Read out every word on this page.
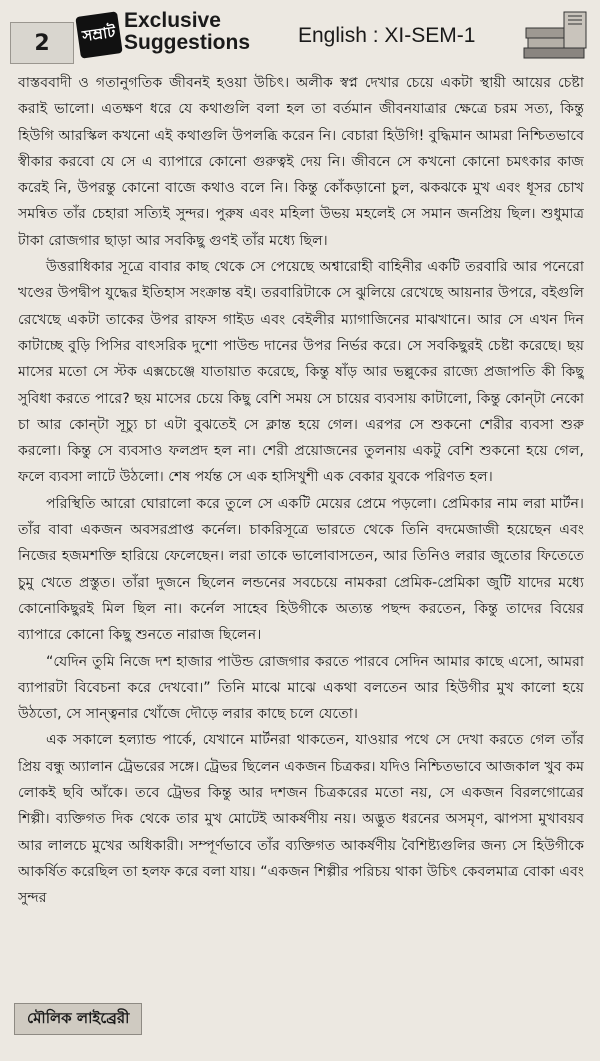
2	সম্রাট
Exclusive
Suggestions English : XI-SEM-1

বাস্তববাদী ও গতানুগতিক জীবনই হওয়া উচিৎ। অলীক স্বপ্ন দেখার চেয়ে একটা স্থায়ী আয়ের চেষ্টা করাই ভালো। এতক্ষণ ধরে যে কথাগুলি বলা হল তা বর্তমান জীবনযাত্রার ক্ষেত্রে চরম সত্য, কিন্তু হিউগি আরস্কিল কখনো এই কথাগুলি উপলব্ধি করেন নি। বেচারা হিউগি! বুদ্ধিমান আমরা নিশ্চিতভাবে স্বীকার করবো যে সে এ ব্যাপারে কোনো গুরুত্বই দেয় নি। জীবনে সে কখনো কোনো চমৎকার কাজ করেই নি, উপরন্তু কোনো বাজে কথাও বলে নি। কিন্তু কোঁকড়ানো চুল, ঝকঝকে মুখ এবং ধূসর চোখ সমন্বিত তাঁর চেহারা সত্যিই সুন্দর। পুরুষ এবং মহিলা উভয় মহলেই সে সমান জনপ্রিয় ছিল। শুধুমাত্র টাকা রোজগার ছাড়া আর সবকিছু গুণই তাঁর মধ্যে ছিল।

উত্তরাধিকার সূত্রে বাবার কাছ থেকে সে পেয়েছে অশ্বারোহী বাহিনীর একটি তরবারি আর পনেরো খণ্ডের উপদ্বীপ যুদ্ধের ইতিহাস সংক্রান্ত বই। তরবারিটাকে সে ঝুলিয়ে রেখেছে আয়নার উপরে, বইগুলি রেখেছে একটা তাকের উপর রাফস গাইড এবং বেইলীর ম্যাগাজিনের মাঝখানে। আর সে এখন দিন কাটাচ্ছে বুড়ি পিসির বাৎসরিক দুশো পাউন্ড দানের উপর নির্ভর করে। সে সবকিছুরই চেষ্টা করেছে। ছয় মাসের মতো সে স্টক এক্সচেঞ্জে যাতায়াত করেছে, কিন্তু ষাঁড় আর ভল্লুকের রাজ্যে প্রজাপতি কী কিছু সুবিধা করতে পারে? ছয় মাসের চেয়ে কিছু বেশি সময় সে চায়ের ব্যবসায় কাটালো, কিন্তু কোন্‌টা নেকো চা আর কোন্‌টা সূচ্যু চা এটা বুঝতেই সে ক্লান্ত হয়ে গেল। এরপর সে শুকনো শেরীর ব্যবসা শুরু করলো। কিন্তু সে ব্যবসাও ফলপ্রদ হল না। শেরী প্রয়োজনের তুলনায় একটু বেশি শুকনো হয়ে গেল, ফলে ব্যবসা লাটে উঠলো। শেষ পর্যন্ত সে এক হাসিখুশী এক বেকার যুবকে পরিণত হল।

পরিস্থিতি আরো ঘোরালো করে তুলে সে একটি মেয়ের প্রেমে পড়লো। প্রেমিকার নাম লরা মার্টন। তাঁর বাবা একজন অবসরপ্রাপ্ত কর্নেল। চাকরিসূত্রে ভারতে থেকে তিনি বদমেজাজী হয়েছেন এবং নিজের হজমশক্তি হারিয়ে ফেলেছেন। লরা তাকে ভালোবাসতেন, আর তিনিও লরার জুতোর ফিতেতে চুমু খেতে প্রস্তুত। তাঁরা দুজনে ছিলেন লন্ডনের সবচেয়ে নামকরা প্রেমিক-প্রেমিকা জুটি যাদের মধ্যে কোনোকিছুরই মিল ছিল না। কর্নেল সাহেব হিউগীকে অত্যন্ত পছন্দ করতেন, কিন্তু তাদের বিয়ের ব্যাপারে কোনো কিছু শুনতে নারাজ ছিলেন।

“যেদিন তুমি নিজে দশ হাজার পাউন্ড রোজগার করতে পারবে সেদিন আমার কাছে এসো, আমরা ব্যাপারটা বিবেচনা করে দেখবো।” তিনি মাঝে মাঝে একথা বলতেন আর হিউগীর মুখ কালো হয়ে উঠতো, সে সান্ত্বনার খোঁজে দৌড়ে লরার কাছে চলে যেতো।

এক সকালে হল্যান্ড পার্কে, যেখানে মার্টনরা থাকতেন, যাওয়ার পথে সে দেখা করতে গেল তাঁর প্রিয় বন্ধু অ্যালান ট্রেভরের সঙ্গে। ট্রেভর ছিলেন একজন চিত্রকর। যদিও নিশ্চিতভাবে আজকাল খুব কম লোকই ছবি আঁকে। তবে ট্রেভর কিন্তু আর দশজন চিত্রকরের মতো নয়, সে একজন বিরলগোত্রের শিল্পী। ব্যক্তিগত দিক থেকে তার মুখ মোটেই আকর্ষণীয় নয়। অদ্ভুত ধরনের অসমৃণ, ঝাপসা মুখাবয়ব আর লালচে মুখের অধিকারী। সম্পূর্ণভাবে তাঁর ব্যক্তিগত আকর্ষণীয় বৈশিষ্ট্যগুলির জন্য সে হিউগীকে আকর্ষিত করেছিল তা হলফ করে বলা যায়। “একজন শিল্পীর পরিচয় থাকা উচিৎ কেবলমাত্র বোকা এবং সুন্দর

মৌলিক লাইব্রেরী
